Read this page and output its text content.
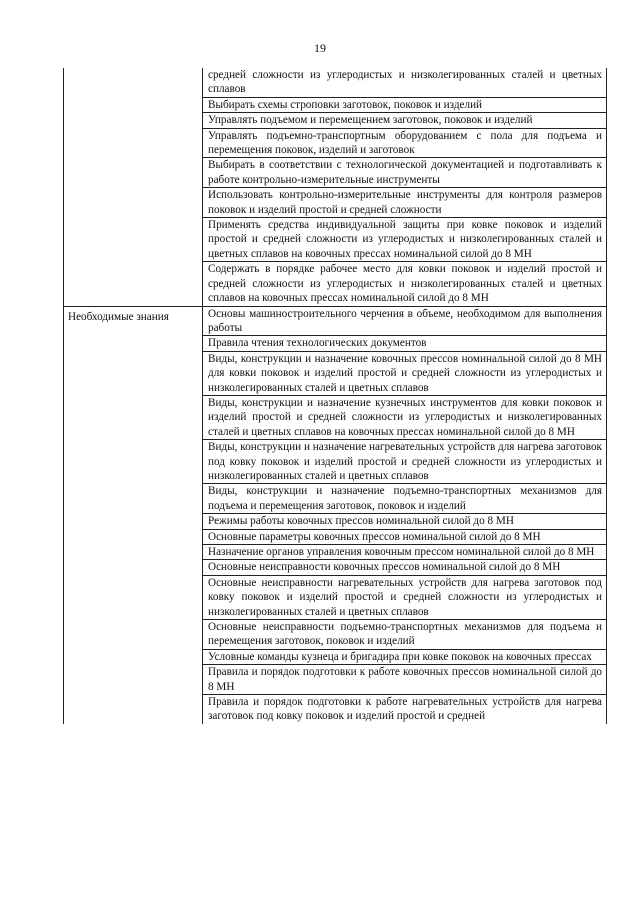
19
	средней сложности из углеродистых и низколегированных сталей и цветных сплавов
	Выбирать схемы строповки заготовок, поковок и изделий
	Управлять подъемом и перемещением заготовок, поковок и изделий
	Управлять подъемно-транспортным оборудованием с пола для подъема и перемещения поковок, изделий и заготовок
	Выбирать в соответствии с технологической документацией и подготавливать к работе контрольно-измерительные инструменты
	Использовать контрольно-измерительные инструменты для контроля размеров поковок и изделий простой и средней сложности
	Применять средства индивидуальной защиты при ковке поковок и изделий простой и средней сложности из углеродистых и низколегированных сталей и цветных сплавов на ковочных прессах номинальной силой до 8 МН
	Содержать в порядке рабочее место для ковки поковок и изделий простой и средней сложности из углеродистых и низколегированных сталей и цветных сплавов на ковочных прессах номинальной силой до 8 МН
Необходимые знания	Основы машиностроительного черчения в объеме, необходимом для выполнения работы
	Правила чтения технологических документов
	Виды, конструкции и назначение ковочных прессов номинальной силой до 8 МН для ковки поковок и изделий простой и средней сложности из углеродистых и низколегированных сталей и цветных сплавов
	Виды, конструкции и назначение кузнечных инструментов для ковки поковок и изделий простой и средней сложности из углеродистых и низколегированных сталей и цветных сплавов на ковочных прессах номинальной силой до 8 МН
	Виды, конструкции и назначение нагревательных устройств для нагрева заготовок под ковку поковок и изделий простой и средней сложности из углеродистых и низколегированных сталей и цветных сплавов
	Виды, конструкции и назначение подъемно-транспортных механизмов для подъема и перемещения заготовок, поковок и изделий
	Режимы работы ковочных прессов номинальной силой до 8 МН
	Основные параметры ковочных прессов номинальной силой до 8 МН
	Назначение органов управления ковочным прессом номинальной силой до 8 МН
	Основные неисправности ковочных прессов номинальной силой до 8 МН
	Основные неисправности нагревательных устройств для нагрева заготовок под ковку поковок и изделий простой и средней сложности из углеродистых и низколегированных сталей и цветных сплавов
	Основные неисправности подъемно-транспортных механизмов для подъема и перемещения заготовок, поковок и изделий
	Условные команды кузнеца и бригадира при ковке поковок на ковочных прессах
	Правила и порядок подготовки к работе ковочных прессов номинальной силой до 8 МН
	Правила и порядок подготовки к работе нагревательных устройств для нагрева заготовок под ковку поковок и изделий простой и средней
